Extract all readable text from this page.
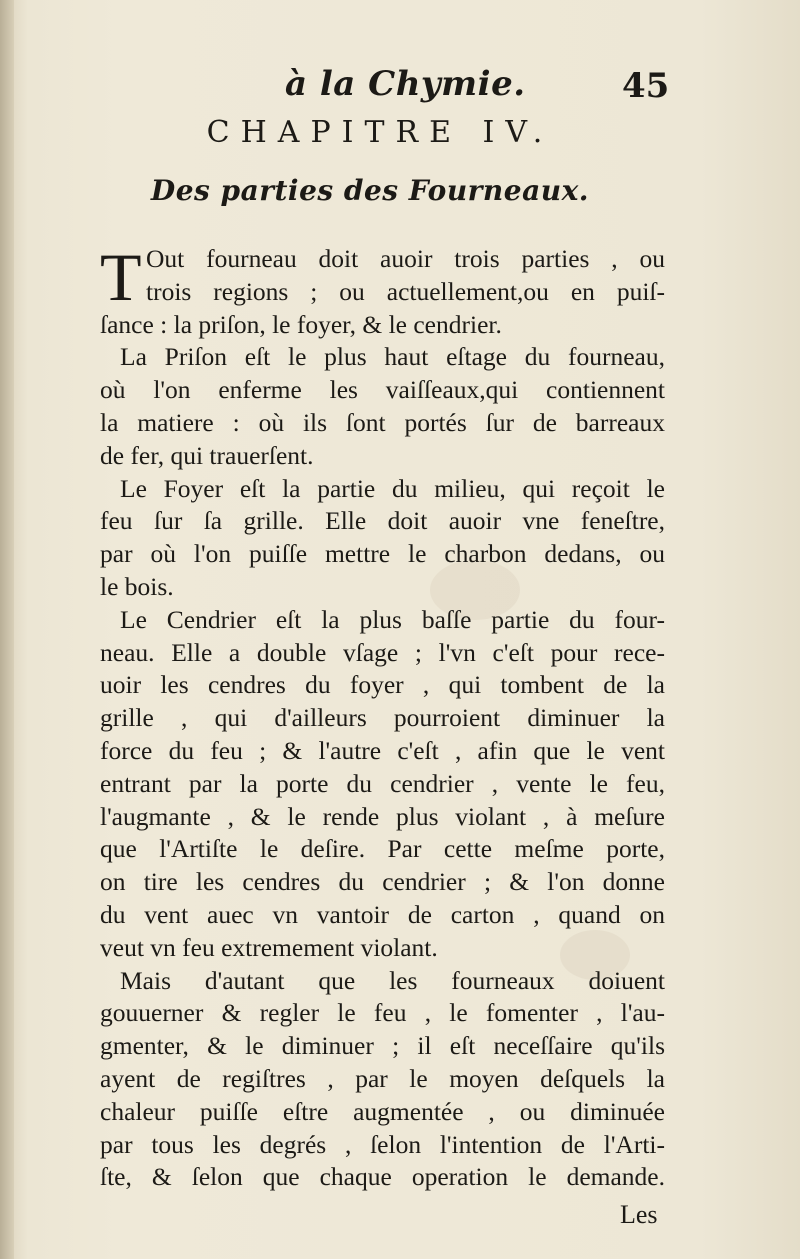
à la Chymie.	45
CHAPITRE IV.
Des parties des Fourneaux.
T Out fourneau doit auoir trois parties , ou
trois regions ; ou actuellement,ou en puiſ-
ſance : la priſon, le foyer, & le cendrier.
La Priſon eſt le plus haut eſtage du fourneau,
où l'on enferme les vaiſſeaux,qui contiennent
la matiere : où ils ſont portés ſur de barreaux
de fer, qui trauerſent.
Le Foyer eſt la partie du milieu, qui reçoit le
feu ſur ſa grille. Elle doit auoir vne feneſtre,
par où l'on puiſſe mettre le charbon dedans, ou
le bois.
Le Cendrier eſt la plus baſſe partie du four-
neau. Elle a double vſage ; l'vn c'eſt pour rece-
uoir les cendres du foyer , qui tombent de la
grille , qui d'ailleurs pourroient diminuer la
force du feu ; & l'autre c'eſt , afin que le vent
entrant par la porte du cendrier , vente le feu,
l'augmante , & le rende plus violant , à meſure
que l'Artiſte le deſire. Par cette meſme porte,
on tire les cendres du cendrier ; & l'on donne
du vent auec vn vantoir de carton , quand on
veut vn feu extremement violant.
Mais d'autant que les fourneaux doiuent
gouuerner & regler le feu , le fomenter , l'au-
gmenter, & le diminuer ; il eſt neceſſaire qu'ils
ayent de regiſtres , par le moyen deſquels la
chaleur puiſſe eſtre augmentée , ou diminuée
par tous les degrés , ſelon l'intention de l'Arti-
ſte, & ſelon que chaque operation le demande.
Les
